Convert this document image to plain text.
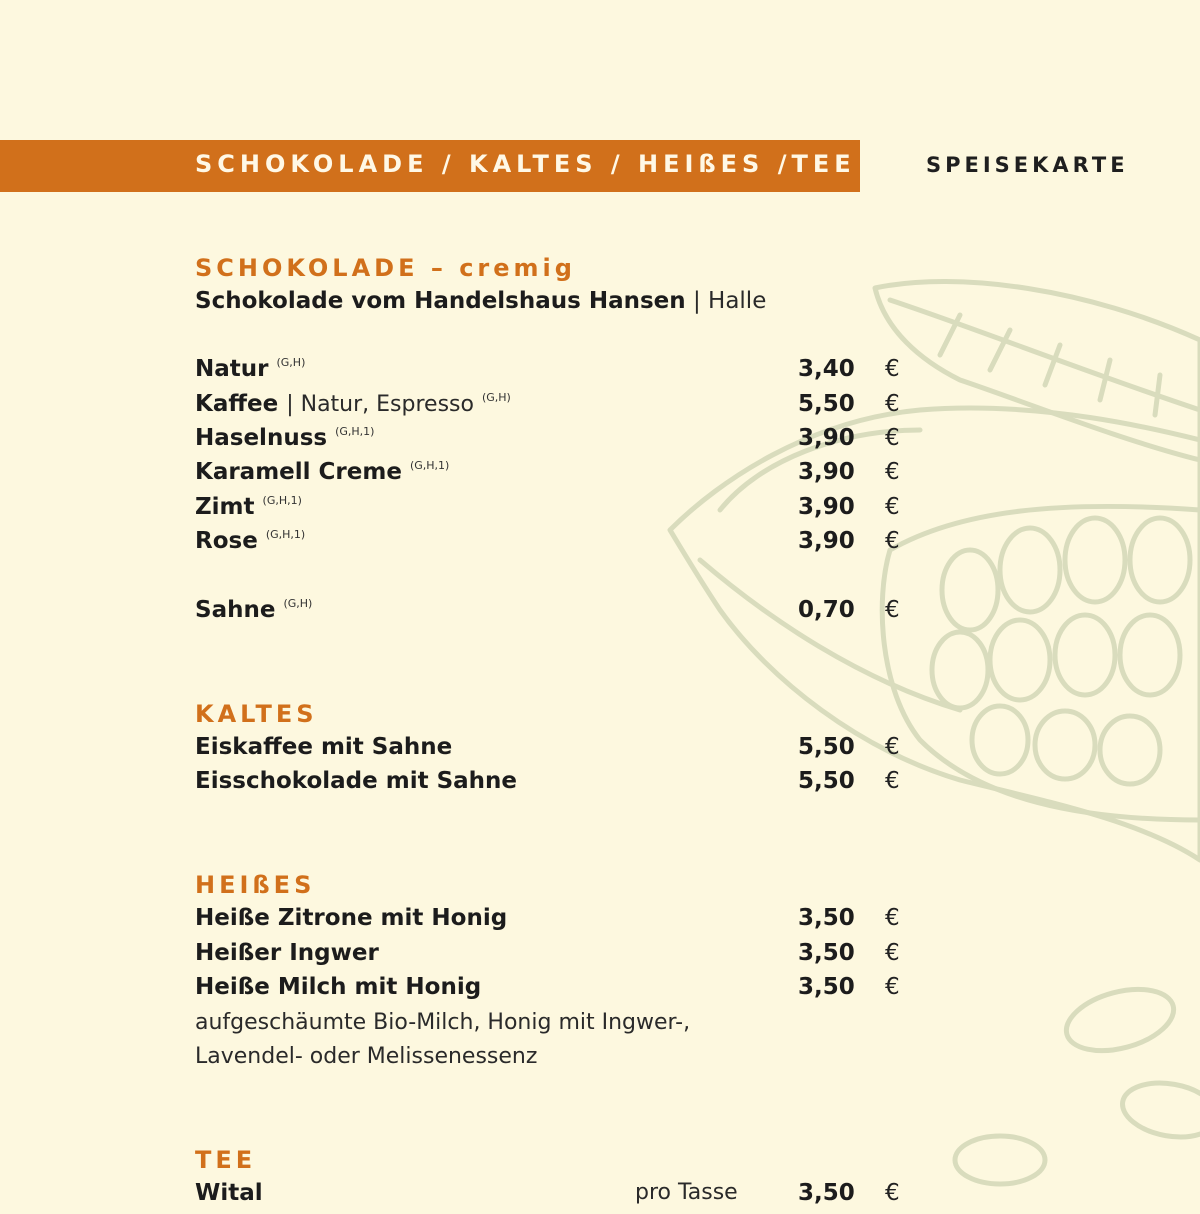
SCHOKOLADE / KALTES / HEIßES /TEE	SPEISEKARTE
SCHOKOLADE – cremig
Schokolade vom Handelshaus Hansen | Halle
Natur $^{(G,H)}$	3,40 €
Kaffee | Natur, Espresso $^{(G,H)}$	5,50 €
Haselnuss $^{(G,H,1)}$	3,90 €
Karamell Creme $^{(G,H,1)}$	3,90 €
Zimt $^{(G,H,1)}$	3,90 €
Rose $^{(G,H,1)}$	3,90 €
Sahne $^{(G,H)}$	0,70 €
KALTES
Eiskaffee mit Sahne	5,50 €
Eisschokolade mit Sahne	5,50 €
HEIßES
Heiße Zitrone mit Honig	3,50 €
Heißer Ingwer	3,50 €
Heiße Milch mit Honig	3,50 €
aufgeschäumte Bio-Milch, Honig mit Ingwer-,
Lavendel- oder Melissenessenz
TEE
Wital	pro Tasse	3,50 €
